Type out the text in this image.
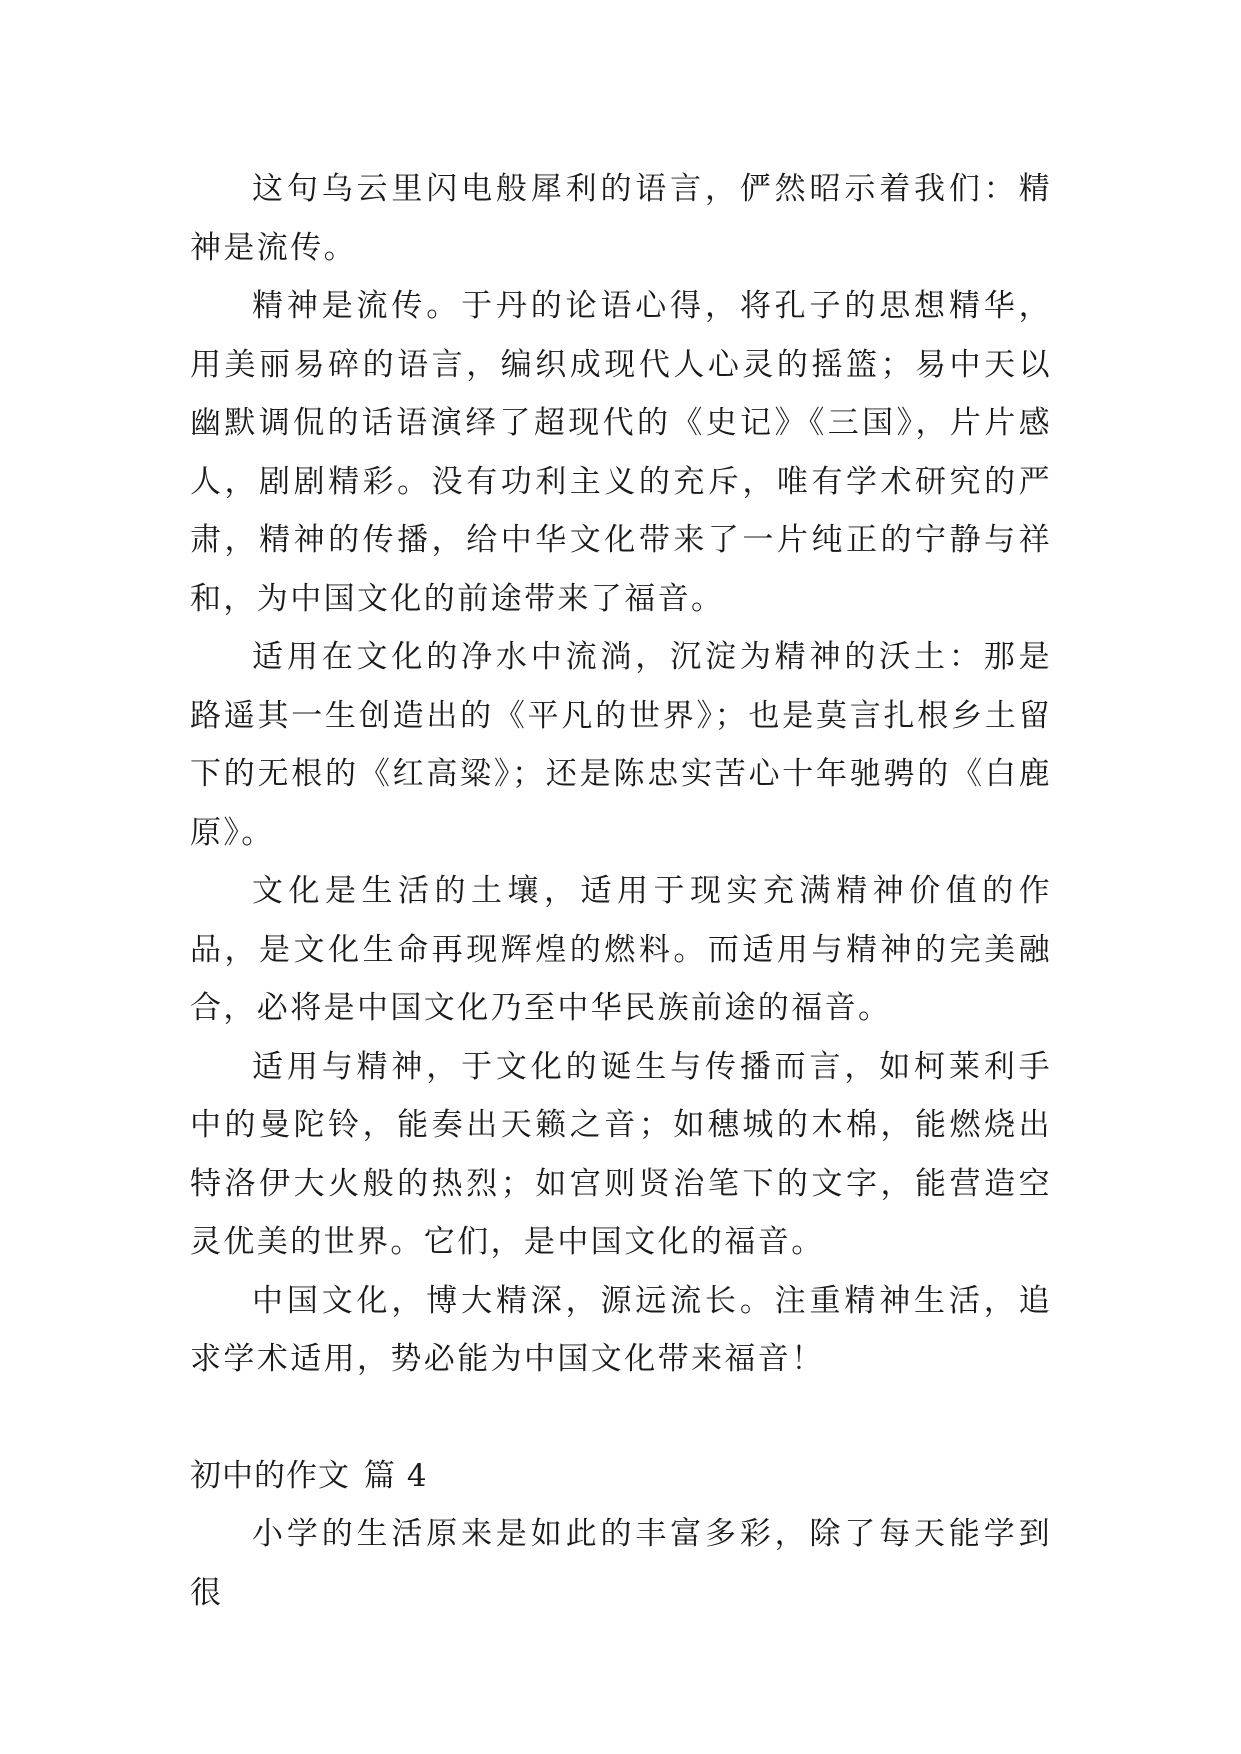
这句乌云里闪电般犀利的语言，俨然昭示着我们：精神是流传。

精神是流传。于丹的论语心得，将孔子的思想精华，用美丽易碎的语言，编织成现代人心灵的摇篮；易中天以幽默调侃的话语演绎了超现代的《史记》《三国》，片片感人，剧剧精彩。没有功利主义的充斥，唯有学术研究的严肃，精神的传播，给中华文化带来了一片纯正的宁静与祥和，为中国文化的前途带来了福音。

适用在文化的净水中流淌，沉淀为精神的沃土：那是路遥其一生创造出的《平凡的世界》；也是莫言扎根乡土留下的无根的《红高粱》；还是陈忠实苦心十年驰骋的《白鹿原》。

文化是生活的土壤，适用于现实充满精神价值的作品，是文化生命再现辉煌的燃料。而适用与精神的完美融合，必将是中国文化乃至中华民族前途的福音。

适用与精神，于文化的诞生与传播而言，如柯莱利手中的曼陀铃，能奏出天籁之音；如穗城的木棉，能燃烧出特洛伊大火般的热烈；如宫则贤治笔下的文字，能营造空灵优美的世界。它们，是中国文化的福音。

中国文化，博大精深，源远流长。注重精神生活，追求学术适用，势必能为中国文化带来福音！

初中的作文 篇 4

小学的生活原来是如此的丰富多彩，除了每天能学到很
